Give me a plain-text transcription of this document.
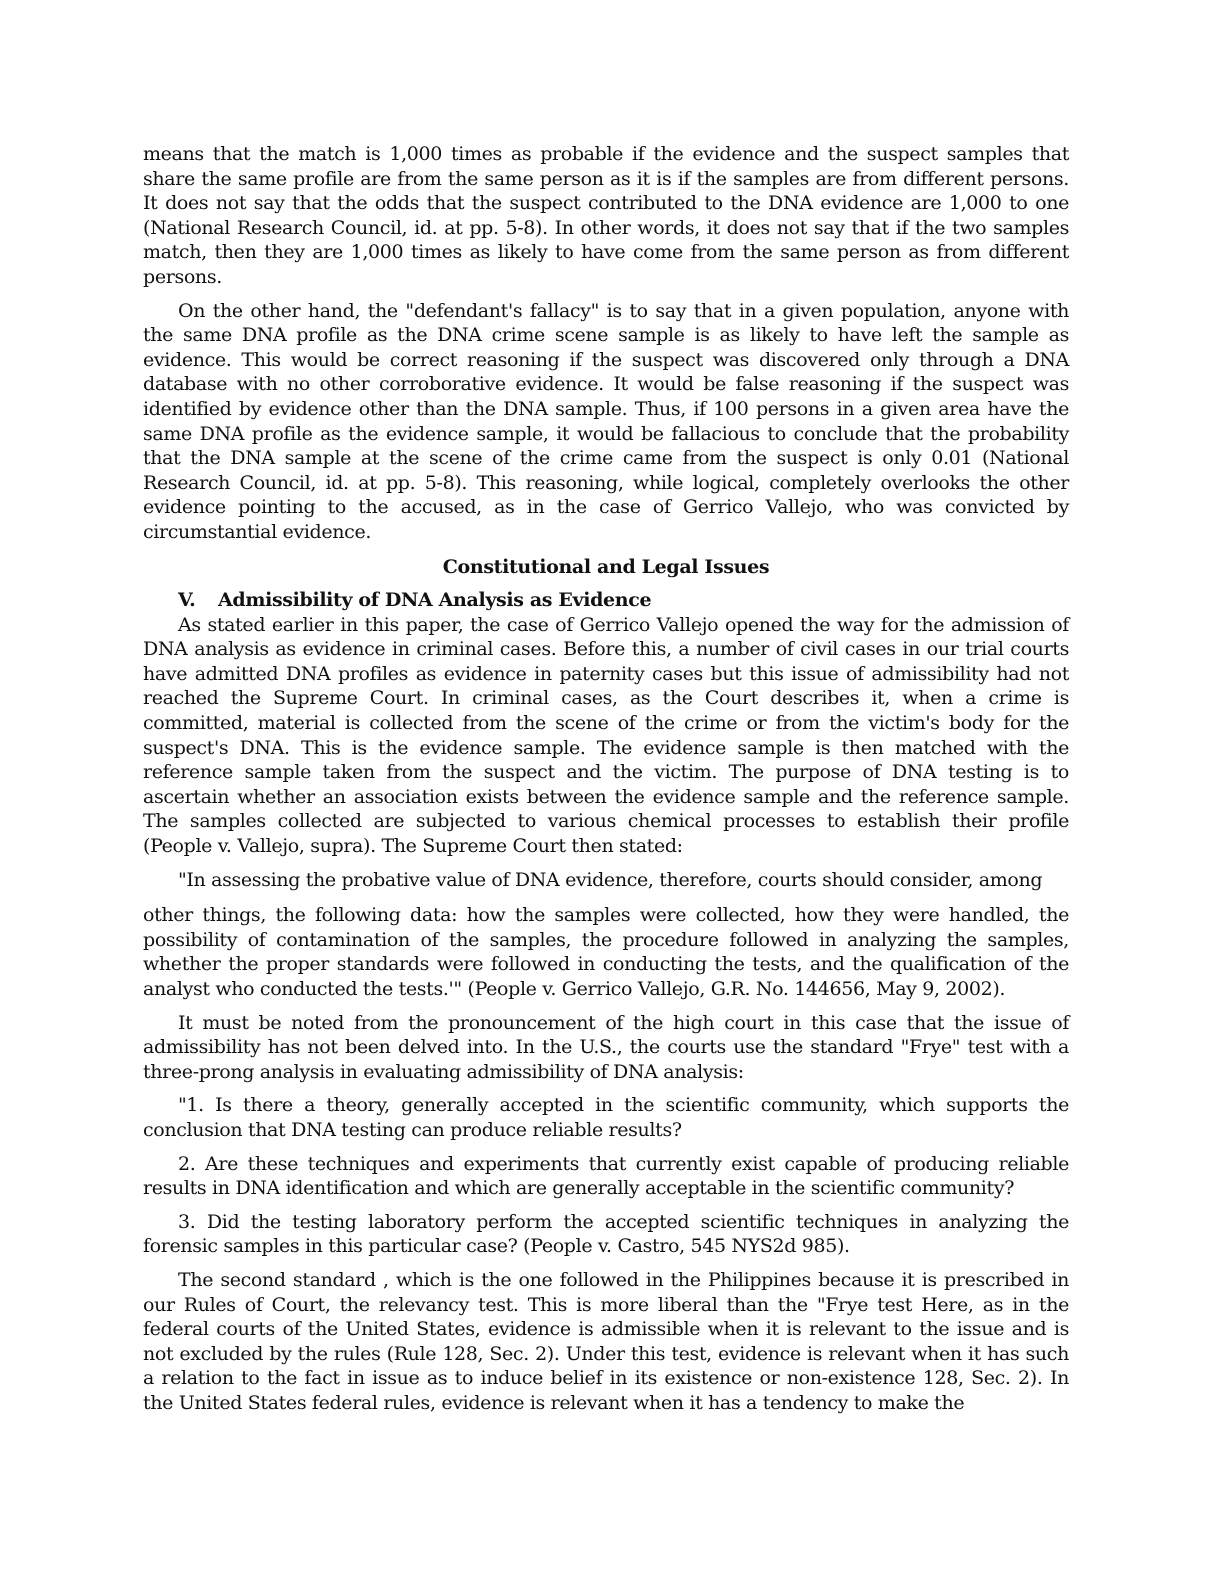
means that the match is 1,000 times as probable if the evidence and the suspect samples that share the same profile are from the same person as it is if the samples are from different persons. It does not say that the odds that the suspect contributed to the DNA evidence are 1,000 to one (National Research Council, id. at pp. 5-8). In other words, it does not say that if the two samples match, then they are 1,000 times as likely to have come from the same person as from different persons.

On the other hand, the "defendant's fallacy" is to say that in a given population, anyone with the same DNA profile as the DNA crime scene sample is as likely to have left the sample as evidence. This would be correct reasoning if the suspect was discovered only through a DNA database with no other corroborative evidence. It would be false reasoning if the suspect was identified by evidence other than the DNA sample. Thus, if 100 persons in a given area have the same DNA profile as the evidence sample, it would be fallacious to conclude that the probability that the DNA sample at the scene of the crime came from the suspect is only 0.01 (National Research Council, id. at pp. 5-8). This reasoning, while logical, completely overlooks the other evidence pointing to the accused, as in the case of Gerrico Vallejo, who was convicted by circumstantial evidence.

Constitutional and Legal Issues
V. Admissibility of DNA Analysis as Evidence

As stated earlier in this paper, the case of Gerrico Vallejo opened the way for the admission of DNA analysis as evidence in criminal cases. Before this, a number of civil cases in our trial courts have admitted DNA profiles as evidence in paternity cases but this issue of admissibility had not reached the Supreme Court. In criminal cases, as the Court describes it, when a crime is committed, material is collected from the scene of the crime or from the victim's body for the suspect's DNA. This is the evidence sample. The evidence sample is then matched with the reference sample taken from the suspect and the victim. The purpose of DNA testing is to ascertain whether an association exists between the evidence sample and the reference sample. The samples collected are subjected to various chemical processes to establish their profile (People v. Vallejo, supra). The Supreme Court then stated:

"In assessing the probative value of DNA evidence, therefore, courts should consider, among

other things, the following data: how the samples were collected, how they were handled, the possibility of contamination of the samples, the procedure followed in analyzing the samples, whether the proper standards were followed in conducting the tests, and the qualification of the analyst who conducted the tests.'" (People v. Gerrico Vallejo, G.R. No. 144656, May 9, 2002).

It must be noted from the pronouncement of the high court in this case that the issue of admissibility has not been delved into. In the U.S., the courts use the standard "Frye" test with a three-prong analysis in evaluating admissibility of DNA analysis:

"1. Is there a theory, generally accepted in the scientific community, which supports the conclusion that DNA testing can produce reliable results?

2. Are these techniques and experiments that currently exist capable of producing reliable results in DNA identification and which are generally acceptable in the scientific community?

3. Did the testing laboratory perform the accepted scientific techniques in analyzing the forensic samples in this particular case? (People v. Castro, 545 NYS2d 985).

The second standard , which is the one followed in the Philippines because it is prescribed in our Rules of Court, the relevancy test. This is more liberal than the "Frye test Here, as in the federal courts of the United States, evidence is admissible when it is relevant to the issue and is not excluded by the rules (Rule 128, Sec. 2). Under this test, evidence is relevant when it has such a relation to the fact in issue as to induce belief in its existence or non-existence 128, Sec. 2). In the United States federal rules, evidence is relevant when it has a tendency to make the
